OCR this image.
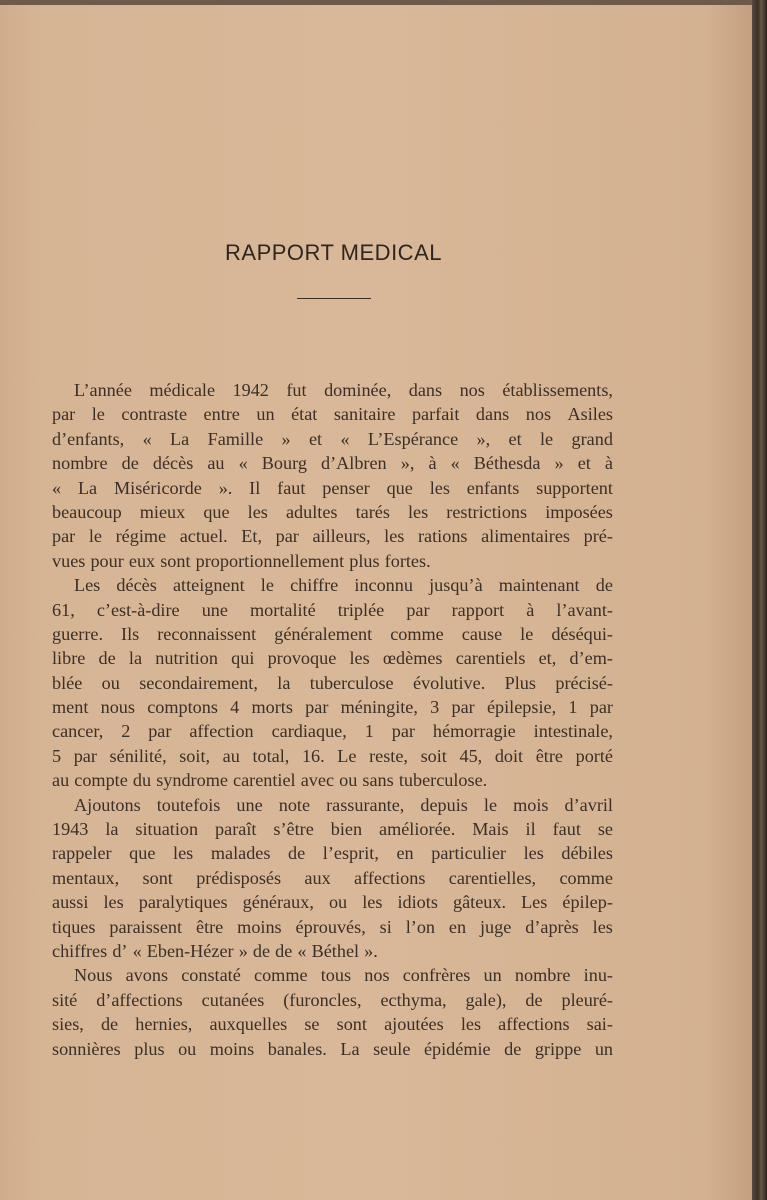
RAPPORT MEDICAL
L’année médicale 1942 fut dominée, dans nos établissements,
par le contraste entre un état sanitaire parfait dans nos Asiles
d’enfants, « La Famille » et « L’Espérance », et le grand
nombre de décès au « Bourg d’Albren », à « Béthesda » et à
« La Miséricorde ». Il faut penser que les enfants supportent
beaucoup mieux que les adultes tarés les restrictions imposées
par le régime actuel. Et, par ailleurs, les rations alimentaires pré-
vues pour eux sont proportionnellement plus fortes.
Les décès atteignent le chiffre inconnu jusqu’à maintenant de
61, c’est-à-dire une mortalité triplée par rapport à l’avant-
guerre. Ils reconnaissent généralement comme cause le déséqui-
libre de la nutrition qui provoque les œdèmes carentiels et, d’em-
blée ou secondairement, la tuberculose évolutive. Plus précisé-
ment nous comptons 4 morts par méningite, 3 par épilepsie, 1 par
cancer, 2 par affection cardiaque, 1 par hémorragie intestinale,
5 par sénilité, soit, au total, 16. Le reste, soit 45, doit être porté
au compte du syndrome carentiel avec ou sans tuberculose.
Ajoutons toutefois une note rassurante, depuis le mois d’avril
1943 la situation paraît s’être bien améliorée. Mais il faut se
rappeler que les malades de l’esprit, en particulier les débiles
mentaux, sont prédisposés aux affections carentielles, comme
aussi les paralytiques généraux, ou les idiots gâteux. Les épilep-
tiques paraissent être moins éprouvés, si l’on en juge d’après les
chiffres d’ « Eben-Hézer » de de « Béthel ».
Nous avons constaté comme tous nos confrères un nombre inu-
sité d’affections cutanées (furoncles, ecthyma, gale), de pleuré-
sies, de hernies, auxquelles se sont ajoutées les affections sai-
sonnières plus ou moins banales. La seule épidémie de grippe un
